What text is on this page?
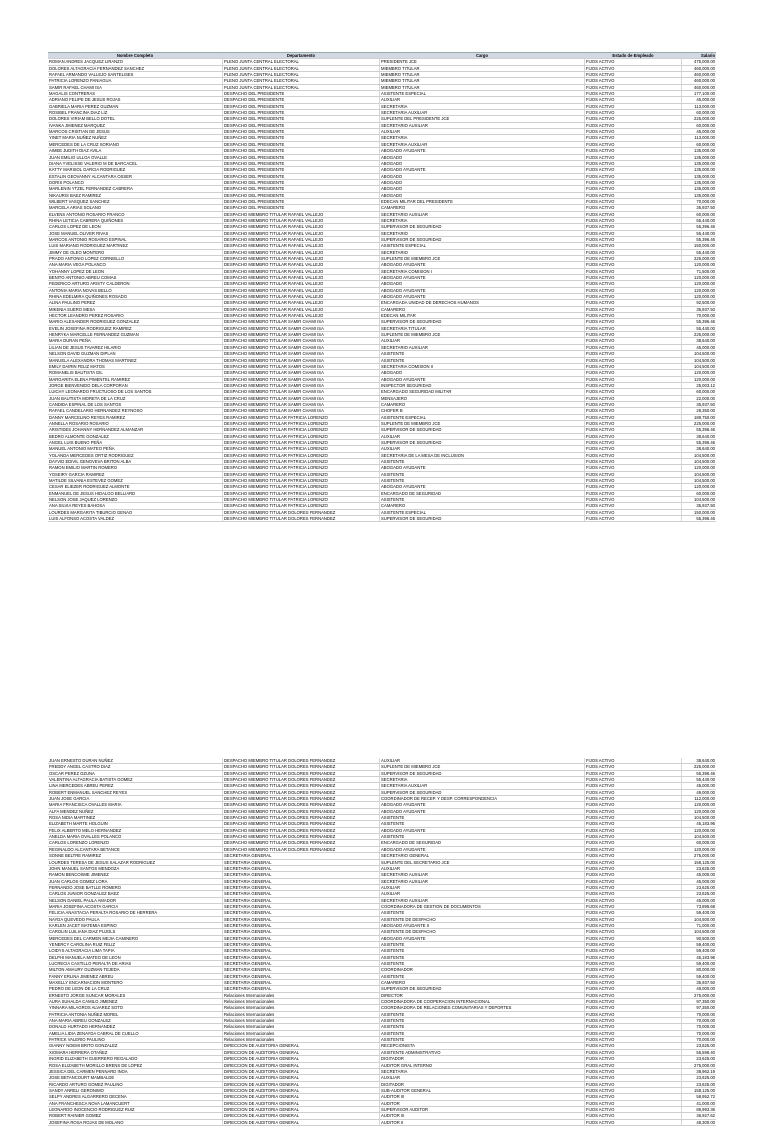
Nombre Completo	Departamento	Cargo	Estado de Empleado	Salario
ROMAN ANDRES JACQUEZ LIRANZO	PLENO JUNTA CENTRAL ELECTORAL	PRESIDENTE JCE	FIJOS ACTIVO	475,000.00
DOLORES ALTAGRACIA FERNANDEZ SANCHEZ	PLENO JUNTA CENTRAL ELECTORAL	MIEMBRO TITULAR	FIJOS ACTIVO	460,000.00
RAFAEL ARMANDO VALLEJO SANTELISES	PLENO JUNTA CENTRAL ELECTORAL	MIEMBRO TITULAR	FIJOS ACTIVO	460,000.00
PATRICIA LORENZO PANIAGUA	PLENO JUNTA CENTRAL ELECTORAL	MIEMBRO TITULAR	FIJOS ACTIVO	460,000.00
SAMIR RAFAEL CHAMI ISA	PLENO JUNTA CENTRAL ELECTORAL	MIEMBRO TITULAR	FIJOS ACTIVO	460,000.00
MAGALIS CONTRERAS	DESPACHO DEL PRESIDENTE	ASISTENTE ESPECIAL	FIJOS ACTIVO	177,100.00
ADRIANO FELIPE DE JESUS ROJAS	DESPACHO DEL PRESIDENTE	AUXILIAR	FIJOS ACTIVO	45,000.00
GABRIELA MARIA PEREZ GUZMAN	DESPACHO DEL PRESIDENTE	SECRETARIA	FIJOS ACTIVO	113,000.00
ROSIBEL FRANCINA DIAZ LIZ	DESPACHO DEL PRESIDENTE	SECRETARIA AUXILIAR	FIJOS ACTIVO	60,000.00
DOLORES VIRIAM BELLO DOTEL	DESPACHO DEL PRESIDENTE	SUPLENTE DEL PRESIDENTE JCE	FIJOS ACTIVO	225,000.00
IVANKA JIMENEZ MARQUEZ	DESPACHO DEL PRESIDENTE	SECRETARIO AUXILIAR	FIJOS ACTIVO	60,000.00
MARCOS CRISTIAN DE JESUS	DESPACHO DEL PRESIDENTE	AUXILIAR	FIJOS ACTIVO	45,000.00
YINET MARIA NUÑEZ NUÑEZ	DESPACHO DEL PRESIDENTE	SECRETARIA	FIJOS ACTIVO	113,000.00
MERCEDES DE LA CRUZ SORIANO	DESPACHO DEL PRESIDENTE	SECRETARIA AUXILIAR	FIJOS ACTIVO	60,000.00
AIMEE JUDITH DIAZ AVILA	DESPACHO DEL PRESIDENTE	ABOGADO AYUDANTE	FIJOS ACTIVO	135,000.00
JUAN EMILIO ULLOA OVALLE	DESPACHO DEL PRESIDENTE	ABOGADO	FIJOS ACTIVO	135,000.00
DIANA YVELISSE VALERIO M DE BARCACEL	DESPACHO DEL PRESIDENTE	ABOGADO	FIJOS ACTIVO	135,000.00
KATTY MARISOL GARCIA RODRIGUEZ	DESPACHO DEL PRESIDENTE	ABOGADO AYUDANTE	FIJOS ACTIVO	135,000.00
ESTALIN GEOVANNY ALCANTARA OSSER	DESPACHO DEL PRESIDENTE	ABOGADO	FIJOS ACTIVO	135,000.00
DORIS POLANCO	DESPACHO DEL PRESIDENTE	ABOGADO	FIJOS ACTIVO	135,000.00
MARLENIN YTZEL FERNANDEZ CABRERA	DESPACHO DEL PRESIDENTE	ABOGADO	FIJOS ACTIVO	135,000.00
NIKAURIS BAEZ RAMIREZ	DESPACHO DEL PRESIDENTE	ABOGADO	FIJOS ACTIVO	135,000.00
WILBERT VASQUEZ SANCHEZ	DESPACHO DEL PRESIDENTE	EDECAN MILITAR DEL PRESIDENTE	FIJOS ACTIVO	70,000.00
MARCELA ARIAS SOLANO	DESPACHO DEL PRESIDENTE	CAMARERO	FIJOS ACTIVO	35,937.50
ELVENS ANTONIO ROSARIO FRANCO	DESPACHO MIEMBRO TITULAR RAFAEL VALLEJO	SECRETARIO AUXILIAR	FIJOS ACTIVO	60,000.00
RHINA LETICIA CABRERA QUIÑONES	DESPACHO MIEMBRO TITULAR RAFAEL VALLEJO	SECRETARIA	FIJOS ACTIVO	55,440.00
CARLOS LOPEZ DE LEON	DESPACHO MIEMBRO TITULAR RAFAEL VALLEJO	SUPERVISOR DE SEGURIDAD	FIJOS ACTIVO	55,396.46
JOSE MANUEL OLIVER RIVAS	DESPACHO MIEMBRO TITULAR RAFAEL VALLEJO	SECRETARIO	FIJOS ACTIVO	55,440.00
MARCOS ANTONIO ROSARIO ESPINAL	DESPACHO MIEMBRO TITULAR RAFAEL VALLEJO	SUPERVISOR DE SEGURIDAD	FIJOS ACTIVO	55,396.46
LUIS MARIANO RODRIGUEZ MARTINEZ	DESPACHO MIEMBRO TITULAR RAFAEL VALLEJO	ASISTENTE ESPECIAL	FIJOS ACTIVO	150,000.00
JIMMY DE OLEO MONTERO	DESPACHO MIEMBRO TITULAR RAFAEL VALLEJO	SECRETARIO	FIJOS ACTIVO	55,440.00
PRADO ANTONIO LOPEZ CORNIELLO	DESPACHO MIEMBRO TITULAR RAFAEL VALLEJO	SUPLENTE DE MIEMBRO JCE	FIJOS ACTIVO	225,000.00
ANA MARIA VEGA POLANCO	DESPACHO MIEMBRO TITULAR RAFAEL VALLEJO	ABOGADO AYUDANTE	FIJOS ACTIVO	120,000.00
YOHANNY LOPEZ DE LEON	DESPACHO MIEMBRO TITULAR RAFAEL VALLEJO	SECRETARIA COMISION I	FIJOS ACTIVO	71,500.00
BENITO ANTONIO ABREU COMAS	DESPACHO MIEMBRO TITULAR RAFAEL VALLEJO	ABOGADO AYUDANTE	FIJOS ACTIVO	120,000.00
FEDERICO ARTURO ARISTY CALDERON	DESPACHO MIEMBRO TITULAR RAFAEL VALLEJO	ABOGADO	FIJOS ACTIVO	120,000.00
ANTONIA MARIA NOVAS BELLO	DESPACHO MIEMBRO TITULAR RAFAEL VALLEJO	ABOGADO AYUDANTE	FIJOS ACTIVO	120,000.00
RHINA EDELMIRA QUIÑONES ROSADO	DESPACHO MIEMBRO TITULAR RAFAEL VALLEJO	ABOGADO AYUDANTE	FIJOS ACTIVO	120,000.00
ALINA PAULINO PEREZ	DESPACHO MIEMBRO TITULAR RAFAEL VALLEJO	ENCARGADA UNIDAD DE DERECHOS HUMANOS	FIJOS ACTIVO	92,500.00
MIKENIA SUERO MESA	DESPACHO MIEMBRO TITULAR RAFAEL VALLEJO	CAMARERO	FIJOS ACTIVO	35,937.50
HECTOR LEANDRO PEREZ ROSARIO	DESPACHO MIEMBRO TITULAR RAFAEL VALLEJO	EDECAN MILITAR	FIJOS ACTIVO	70,000.00
MARIO ALEXANDER RODRIGUEZ GONZALEZ	DESPACHO MIEMBRO TITULAR SAMIR CHAMI ISA	SUPERVISOR DE SEGURIDAD	FIJOS ACTIVO	55,396.46
EVELIN JOSEFINA RODRIGUEZ RAMIREZ	DESPACHO MIEMBRO TITULAR SAMIR CHAMI ISA	SECRETARIA TITULAR	FIJOS ACTIVO	55,440.00
HENRYKA MARCELLE FERNANDEZ GUZMAN	DESPACHO MIEMBRO TITULAR SAMIR CHAMI ISA	SUPLENTE DE MIEMBRO JCE	FIJOS ACTIVO	225,000.00
MARIA DURAN PEÑA	DESPACHO MIEMBRO TITULAR SAMIR CHAMI ISA	AUXILIAR	FIJOS ACTIVO	38,640.00
LILIAN DE JESUS TAVAREZ HILARIO	DESPACHO MIEMBRO TITULAR SAMIR CHAMI ISA	SECRETARIO AUXILIAR	FIJOS ACTIVO	45,000.00
NELSON DAVID GUZMAN DIPLAN	DESPACHO MIEMBRO TITULAR SAMIR CHAMI ISA	ASISTENTE	FIJOS ACTIVO	104,500.00
MANUELA ALEXANDRA THOMAS MARTINEZ	DESPACHO MIEMBRO TITULAR SAMIR CHAMI ISA	ASISTENTE	FIJOS ACTIVO	104,500.00
EMILY DAIRIN FELIZ MATOS	DESPACHO MIEMBRO TITULAR SAMIR CHAMI ISA	SECRETARIA COMISION II	FIJOS ACTIVO	104,500.00
ROMANELIS BAUTISTA GIL	DESPACHO MIEMBRO TITULAR SAMIR CHAMI ISA	ABOGADO	FIJOS ACTIVO	120,000.00
MARGARITA ELENA PIMENTEL RAMIREZ	DESPACHO MIEMBRO TITULAR SAMIR CHAMI ISA	ABOGADO AYUDANTE	FIJOS ACTIVO	120,000.00
JORGE BIENVENIDO DELA CORPORAN	DESPACHO MIEMBRO TITULAR SAMIR CHAMI ISA	INSPECTOR SEGURIDAD	FIJOS ACTIVO	25,003.12
LUICHY LEONARDO FRUCTUOSO DE LOS SANTOS	DESPACHO MIEMBRO TITULAR SAMIR CHAMI ISA	ENCARGADO SEGURIDAD MILITAR	FIJOS ACTIVO	60,000.00
JUAN BAUTISTA MORETA DE LA CRUZ	DESPACHO MIEMBRO TITULAR SAMIR CHAMI ISA	MENSAJERO	FIJOS ACTIVO	22,000.00
CANDIDA ESPINAL DE LOS SANTOS	DESPACHO MIEMBRO TITULAR SAMIR CHAMI ISA	CAMARERO	FIJOS ACTIVO	35,937.50
RAFAEL CANDELARIO HERNANDEZ REYNOSO	DESPACHO MIEMBRO TITULAR SAMIR CHAMI ISA	CHOFER B	FIJOS ACTIVO	28,350.00
DANNY MARCELINO REYES RAMIREZ	DESPACHO MIEMBRO TITULAR PATRICIA LORENZO	ASISTENTE ESPECIAL	FIJOS ACTIVO	189,750.00
ANNELLA ROSARIO ROSARIO	DESPACHO MIEMBRO TITULAR PATRICIA LORENZO	SUPLENTE DE MIEMBRO JCE	FIJOS ACTIVO	225,000.00
ARISTIDES JOHANNY HERNANDEZ ALMANZAR	DESPACHO MIEMBRO TITULAR PATRICIA LORENZO	SUPERVISOR DE SEGURIDAD	FIJOS ACTIVO	55,396.46
BEDRO ALMONTE GONZALEZ	DESPACHO MIEMBRO TITULAR PATRICIA LORENZO	AUXILIAR	FIJOS ACTIVO	38,640.00
ANGEL LUIS BUENO PEÑA	DESPACHO MIEMBRO TITULAR PATRICIA LORENZO	SUPERVISOR DE SEGURIDAD	FIJOS ACTIVO	55,396.46
MANUEL ANTONIO MATEO PEÑA	DESPACHO MIEMBRO TITULAR PATRICIA LORENZO	AUXILIAR	FIJOS ACTIVO	38,640.00
YOLANDA MERCEDES ORTIZ RODRIGUEZ	DESPACHO MIEMBRO TITULAR PATRICIA LORENZO	SECRETARIA DE LA MESA DE INCLUSION	FIJOS ACTIVO	104,500.00
DAYVID EDIVIL GENOVEVA BRITON ALBA	DESPACHO MIEMBRO TITULAR PATRICIA LORENZO	ASISTENTE	FIJOS ACTIVO	104,500.00
RAMON EMILIO MARTIN ROMERO	DESPACHO MIEMBRO TITULAR PATRICIA LORENZO	ABOGADO AYUDANTE	FIJOS ACTIVO	120,000.00
YOSEIRY GARCIA RAMIREZ	DESPACHO MIEMBRO TITULAR PATRICIA LORENZO	ASISTENTE	FIJOS ACTIVO	104,500.00
MATILDE SILVANIA ESTEVEZ GOMEZ	DESPACHO MIEMBRO TITULAR PATRICIA LORENZO	ASISTENTE	FIJOS ACTIVO	104,500.00
CESAR ELIEZER RODRIGUEZ ALMONTE	DESPACHO MIEMBRO TITULAR PATRICIA LORENZO	ABOGADO AYUDANTE	FIJOS ACTIVO	120,000.00
ENMANUEL DE JESUS HIDALGO BELLIARD	DESPACHO MIEMBRO TITULAR PATRICIA LORENZO	ENCARGADO DE SEGURIDAD	FIJOS ACTIVO	60,000.00
NELSON JOSE JAQUEZ LORENZO	DESPACHO MIEMBRO TITULAR PATRICIA LORENZO	ASISTENTE	FIJOS ACTIVO	104,500.00
ANA SILVIA REYES BAHOSA	DESPACHO MIEMBRO TITULAR PATRICIA LORENZO	CAMARERO	FIJOS ACTIVO	35,937.50
LOURDES MARGARITA TIBURCIO GENAO	DESPACHO MIEMBRO TITULAR DOLORES FERNANDEZ	ASISTENTE ESPECIAL	FIJOS ACTIVO	150,000.00
LUIS ALFONSO ACOSTA VALDEZ	DESPACHO MIEMBRO TITULAR DOLORES FERNANDEZ	SUPERVISOR DE SEGURIDAD	FIJOS ACTIVO	55,396.46
JUAN ERNESTO DURAN NUÑEZ	DESPACHO MIEMBRO TITULAR DOLORES FERNANDEZ	AUXILIAR	FIJOS ACTIVO	38,640.00
FREDDY ANGEL CASTRO DIAZ	DESPACHO MIEMBRO TITULAR DOLORES FERNANDEZ	SUPLENTE DE MIEMBRO JCE	FIJOS ACTIVO	225,000.00
OSCAR PEREZ OZUNA	DESPACHO MIEMBRO TITULAR DOLORES FERNANDEZ	SUPERVISOR DE SEGURIDAD	FIJOS ACTIVO	55,396.46
VALENTINA ALTAGRACIA BATISTA GOMEZ	DESPACHO MIEMBRO TITULAR DOLORES FERNANDEZ	SECRETARIA	FIJOS ACTIVO	55,440.00
LINA MERCEDES ABREU PEREZ	DESPACHO MIEMBRO TITULAR DOLORES FERNANDEZ	SECRETARIA AUXILIAR	FIJOS ACTIVO	45,000.00
ROBERT ENMANUEL SANCHEZ REYES	DESPACHO MIEMBRO TITULAR DOLORES FERNANDEZ	SUPERVISOR DE SEGURIDAD	FIJOS ACTIVO	49,000.00
JUAN JOSE GARCIA	DESPACHO MIEMBRO TITULAR DOLORES FERNANDEZ	COORDINADOR DE RECEP. Y DESP. CORRESPONDENCIA	FIJOS ACTIVO	112,000.00
MARIA FRANCISCA OVALLES MARIA	DESPACHO MIEMBRO TITULAR DOLORES FERNANDEZ	ABOGADO AYUDANTE	FIJOS ACTIVO	120,000.00
ALFA MENDEZ NUÑEZ	DESPACHO MIEMBRO TITULAR DOLORES FERNANDEZ	ABOGADO AYUDANTE	FIJOS ACTIVO	120,000.00
ROSA NIDIA MARTINEZ	DESPACHO MIEMBRO TITULAR DOLORES FERNANDEZ	ASISTENTE	FIJOS ACTIVO	104,500.00
ELIZABETH MARTE HOLGUIN	DESPACHO MIEMBRO TITULAR DOLORES FERNANDEZ	ASISTENTE	FIJOS ACTIVO	45,183.96
FELIX ALBERTO MELO HERNANDEZ	DESPACHO MIEMBRO TITULAR DOLORES FERNANDEZ	ABOGADO AYUDANTE	FIJOS ACTIVO	120,000.00
ANELDA MARIA OVALLES POLANCO	DESPACHO MIEMBRO TITULAR DOLORES FERNANDEZ	ASISTENTE	FIJOS ACTIVO	104,500.00
CARLOS LORENZO LORENZO	DESPACHO MIEMBRO TITULAR DOLORES FERNANDEZ	ENCARGADO DE SEGURIDAD	FIJOS ACTIVO	60,000.00
REGINALDO ALCANTARA BETANCE	DESPACHO MIEMBRO TITULAR DOLORES FERNANDEZ	ABOGADO AYUDANTE	FIJOS ACTIVO	120,000.00
SONNE BELTRE RAMIREZ	SECRETARIA GENERAL	SECRETARIO GENERAL	FIJOS ACTIVO	275,000.00
LOURDES TERESA DE JESUS SALAZAR RODRIGUEZ	SECRETARIA GENERAL	SUPLENTE DEL SECRETARIO JCE	FIJOS ACTIVO	158,125.00
JOHN MANUEL SANTOS MENDOZA	SECRETARIA GENERAL	AUXILIAR	FIJOS ACTIVO	23,625.00
RAMON BENCOSME JIMENEZ	SECRETARIA GENERAL	SECRETARIO AUXILIAR	FIJOS ACTIVO	45,000.00
JUAN CARLOS GOMEZ LORA	SECRETARIA GENERAL	SECRETARIO AUXILIAR	FIJOS ACTIVO	45,000.00
FERNANDO JOSE BATLLE ROMERO	SECRETARIA GENERAL	AUXILIAR	FIJOS ACTIVO	23,625.00
CARLOS JUNIOR GONZALEZ BAEZ	SECRETARIA GENERAL	AUXILIAR	FIJOS ACTIVO	23,625.00
NELSON DANIEL PAULA AMADOR	SECRETARIA GENERAL	SECRETARIO AUXILIAR	FIJOS ACTIVO	45,000.00
MARIA JOSEFINA ACOSTA GARCIA	SECRETARIA GENERAL	COORDINADORA DE GESTION DE DOCUMENTOS	FIJOS ACTIVO	73,895.68
FELICIA ANASTACIA PERALTA ROSARIO DE HERRERA	SECRETARIA GENERAL	ASISTENTE	FIJOS ACTIVO	59,400.00
NAYDA QUEVEDO PAULA	SECRETARIA GENERAL	ASISTENTE DE DESPACHO	FIJOS ACTIVO	104,500.00
KARLEN JACET MATEMIA ESPINO	SECRETARIA GENERAL	ABOGADO AYUDANTE II	FIJOS ACTIVO	71,000.00
CAROLIN LUILIANA DIAZ PUJOLS	SECRETARIA GENERAL	ASISTENTE DE DESPACHO	FIJOS ACTIVO	104,500.00
MERCEDES DEL CARMEN MEJIA CAMINERO	SECRETARIA GENERAL	ABOGADO AYUDANTE	FIJOS ACTIVO	90,500.00
YENERCY CAROLINA RUIZ FELIZ	SECRETARIA GENERAL	ASISTENTE	FIJOS ACTIVO	59,400.00
LOIDYS ALTAGRACIA LIMA TAPIA	SECRETARIA GENERAL	ASISTENTE	FIJOS ACTIVO	59,400.00
DELPHI MANUELA MATEO DE LEON	SECRETARIA GENERAL	ASISTENTE	FIJOS ACTIVO	45,183.96
LUCRECIA CASTILLO PERALTA DE ARIAS	SECRETARIA GENERAL	ASISTENTE	FIJOS ACTIVO	59,400.00
MILTON AMAURY GUZMAN TEJEDA	SECRETARIA GENERAL	COORDINADOR	FIJOS ACTIVO	80,000.00
FANNY ERLINA JIMENEZ ABREU	SECRETARIA GENERAL	ASISTENTE	FIJOS ACTIVO	59,400.00
MAXELLY ENCARNACION MONTERO	SECRETARIA GENERAL	CAMARERO	FIJOS ACTIVO	35,937.50
PEDRO DE LEON DE LA CRUZ	SECRETARIA GENERAL	SUPERVISOR DE SEGURIDAD	FIJOS ACTIVO	49,000.00
ERNESTO JORGE SUNCAR MORALES	Relaciones Internacionales	DIRECTOR	FIJOS ACTIVO	275,000.00
AURA SUHALDA CAMILO JIMENEZ	Relaciones Internacionales	COORDINADORA DE COOPERACION INTERNACIONAL	FIJOS ACTIVO	97,350.00
YINNARA MILAGROS ALVAREZ SOTO	Relaciones Internacionales	COORDINADORA DE RELACIONES COMUNITARIAS Y DEPORTES	FIJOS ACTIVO	97,350.00
PATRICIA ANTONIA NUÑEZ MOREL	Relaciones Internacionales	ASISTENTE	FIJOS ACTIVO	70,000.00
ANA MARIA ABREU GONZALEZ	Relaciones Internacionales	ASISTENTE	FIJOS ACTIVO	70,000.00
DONALD HURTADO HERNANDEZ	Relaciones Internacionales	ASISTENTE	FIJOS ACTIVO	70,000.00
AMELIA LIDIA ZENAYDA CABRAL DE CUELLO	Relaciones Internacionales	ASISTENTE	FIJOS ACTIVO	70,000.00
PATRICK VALERIO PAULINO	Relaciones Internacionales	ASISTENTE	FIJOS ACTIVO	70,000.00
GIANNY NOEMI BRITO GONZALEZ	DIRECCION DE AUDITORIA GENERAL	RECEPCIONISTA	FIJOS ACTIVO	23,625.00
XIOMARA HERRERA OTAÑEZ	DIRECCION DE AUDITORIA GENERAL	ASISTENTE ADMINISTRATIVO	FIJOS ACTIVO	55,598.40
INGRID ELIZABETH GUERRERO REGALADO	DIRECCION DE AUDITORIA GENERAL	DIGITADOR	FIJOS ACTIVO	23,625.00
ROSA ELIZABETH MORILLO BRENS DE LOPEZ	DIRECCION DE AUDITORIA GENERAL	AUDITOR GRAL INTERNO	FIJOS ACTIVO	275,000.00
JESSICA DEL CARMEN PENNARD INOA	DIRECCION DE AUDITORIA GENERAL	SECRETARIA	FIJOS ACTIVO	38,962.19
JOSE BETANCOURT MAMBALDE	DIRECCION DE AUDITORIA GENERAL	AUXILIAR	FIJOS ACTIVO	23,625.00
RICARDO ARTURO GOMEZ PAULINO	DIRECCION DE AUDITORIA GENERAL	DIGITADOR	FIJOS ACTIVO	23,625.00
SANDY ANRELI GERONIMO	DIRECCION DE AUDITORIA GENERAL	SUB-AUDITOR GENERAL	FIJOS ACTIVO	158,125.00
SELPY ANDRES ALGARRERO DECENA	DIRECCION DE AUDITORIA GENERAL	AUDITOR III	FIJOS ACTIVO	58,952.72
ANA FRANCHESCA NOVA LAMANCUERT	DIRECCION DE AUDITORIA GENERAL	AUDITOR	FIJOS ACTIVO	41,000.00
LEONARDO INOCENCIO RODRIGUEZ RUIZ	DIRECCION DE AUDITORIA GENERAL	SUPERVISOR AUDITOR	FIJOS ACTIVO	86,993.36
ROBERT RAINIER GOMEZ	DIRECCION DE AUDITORIA GENERAL	AUDITOR III	FIJOS ACTIVO	36,927.62
JOSEFINA ROSA ROJAS DE MOLANO	DIRECCION DE AUDITORIA GENERAL	AUDITOR II	FIJOS ACTIVO	48,300.00
